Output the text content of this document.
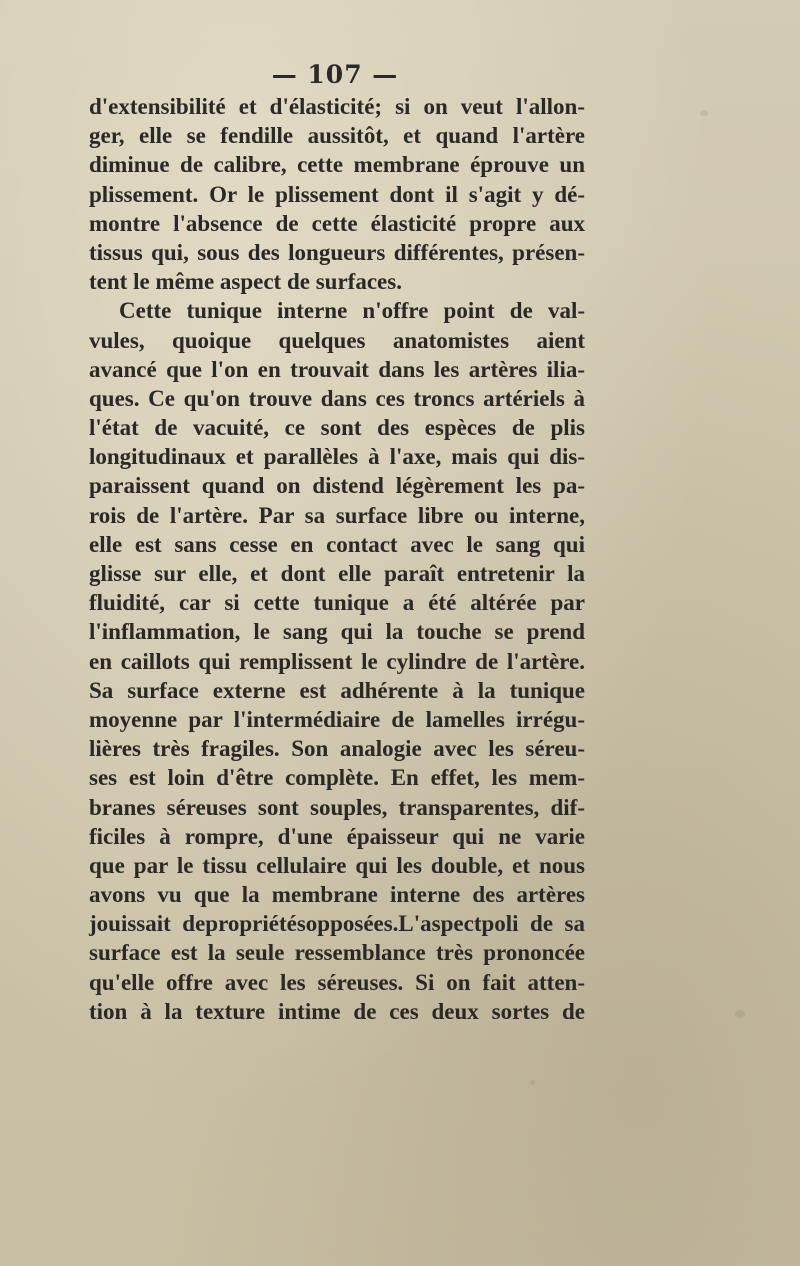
— 107 —
d'extensibilité et d'élasticité; si on veut l'allon-
ger, elle se fendille aussitôt, et quand l'artère
diminue de calibre, cette membrane éprouve un
plissement. Or le plissement dont il s'agit y dé-
montre l'absence de cette élasticité propre aux
tissus qui, sous des longueurs différentes, présen-
tent le même aspect de surfaces.
Cette tunique interne n'offre point de val-
vules, quoique quelques anatomistes aient
avancé que l'on en trouvait dans les artères ilia-
ques. Ce qu'on trouve dans ces troncs artériels à
l'état de vacuité, ce sont des espèces de plis
longitudinaux et parallèles à l'axe, mais qui dis-
paraissent quand on distend légèrement les pa-
rois de l'artère. Par sa surface libre ou interne,
elle est sans cesse en contact avec le sang qui
glisse sur elle, et dont elle paraît entretenir la
fluidité, car si cette tunique a été altérée par
l'inflammation, le sang qui la touche se prend
en caillots qui remplissent le cylindre de l'artère.
Sa surface externe est adhérente à la tunique
moyenne par l'intermédiaire de lamelles irrégu-
lières très fragiles. Son analogie avec les séreu-
ses est loin d'être complète. En effet, les mem-
branes séreuses sont souples, transparentes, dif-
ficiles à rompre, d'une épaisseur qui ne varie
que par le tissu cellulaire qui les double, et nous
avons vu que la membrane interne des artères
jouissait depropriétésopposées.L'aspectpoli de sa
surface est la seule ressemblance très prononcée
qu'elle offre avec les séreuses. Si on fait atten-
tion à la texture intime de ces deux sortes de
